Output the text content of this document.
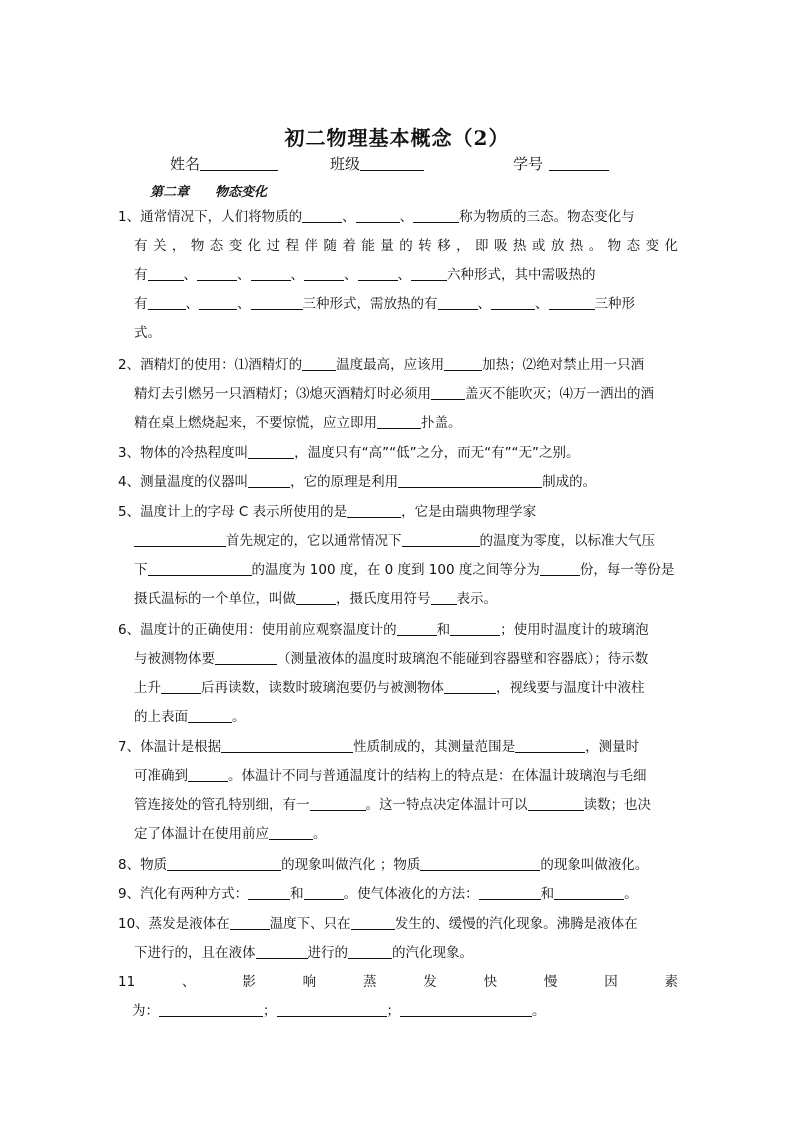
初二物理基本概念（2）
姓名	班级	学号
第二章 物态变化

1、通常情况下，人们将物质的	、	、	称为物质的三态。物态变化与

有关，物态变化过程伴随着能量的转移，即吸热或放热。物态变化

有	、	、	、	、	、	六种形式，其中需吸热的

有	、	、	三种形式，需放热的有	、	、	三种形

式。

2、酒精灯的使用：⑴酒精灯的	温度最高，应该用	加热；⑵绝对禁止用一只酒

精灯去引燃另一只酒精灯；⑶熄灭酒精灯时必须用	盖灭不能吹灭；⑷万一洒出的酒

精在桌上燃烧起来，不要惊慌，应立即用	扑盖。

3、物体的冷热程度叫	，温度只有“高”“低”之分，而无“有”“无”之别。

4、测量温度的仪器叫	，它的原理是利用	制成的。

5、温度计上的字母 C 表示所使用的是	，它是由瑞典物理学家

首先规定的，它以通常情况下	的温度为零度，以标准大气压

下	的温度为 100 度，在 0 度到 100 度之间等分为	份，每一等份是

摄氏温标的一个单位，叫做	，摄氏度用符号 表示。

6、温度计的正确使用：使用前应观察温度计的	和	；使用时温度计的玻璃泡

与被测物体要	（测量液体的温度时玻璃泡不能碰到容器壁和容器底）；待示数

上升	后再读数，读数时玻璃泡要仍与被测物体	，视线要与温度计中液柱

的上表面	。

7、体温计是根据	性质制成的，其测量范围是	，测量时

可准确到	。体温计不同与普通温度计的结构上的特点是：在体温计玻璃泡与毛细

管连接处的管孔特别细，有一	。这一特点决定体温计可以	读数；也决

定了体温计在使用前应	。

8、物质	的现象叫做汽化 ；物质	的现象叫做液化。

9、汽化有两种方式：	和	。使气体液化的方法：	和	。

10、蒸发是液体在	温度下、只在	发生的、缓慢的汽化现象。沸腾是液体在

下进行的，且在液体	进行的	的汽化现象。

11	、	影	响	蒸	发	快	慢	因	素

为：	；	；	。
